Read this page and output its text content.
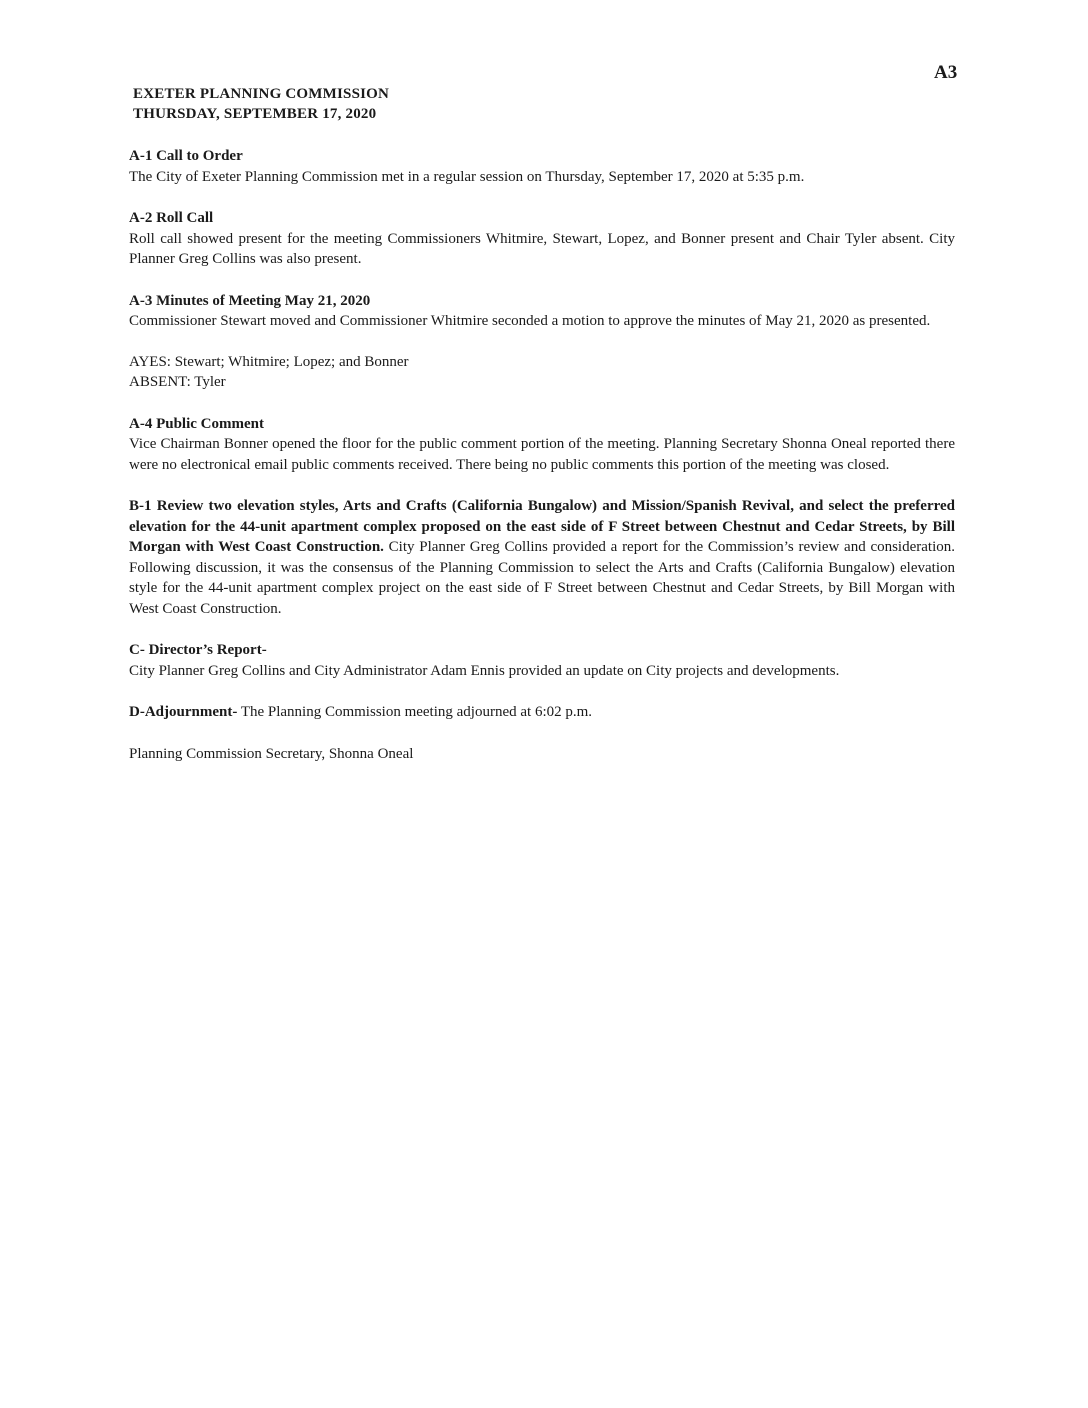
A3
EXETER PLANNING COMMISSION
THURSDAY, SEPTEMBER 17, 2020
A-1 Call to Order
The City of Exeter Planning Commission met in a regular session on Thursday, September 17, 2020 at 5:35 p.m.
A-2 Roll Call
Roll call showed present for the meeting Commissioners Whitmire, Stewart, Lopez, and Bonner present and Chair Tyler absent. City Planner Greg Collins was also present.
A-3 Minutes of Meeting May 21, 2020
Commissioner Stewart moved and Commissioner Whitmire seconded a motion to approve the minutes of May 21, 2020 as presented.
AYES: Stewart; Whitmire; Lopez; and Bonner
ABSENT: Tyler
A-4 Public Comment
Vice Chairman Bonner opened the floor for the public comment portion of the meeting. Planning Secretary Shonna Oneal reported there were no electronical email public comments received. There being no public comments this portion of the meeting was closed.
B-1 Review two elevation styles, Arts and Crafts (California Bungalow) and Mission/Spanish Revival, and select the preferred elevation for the 44-unit apartment complex proposed on the east side of F Street between Chestnut and Cedar Streets, by Bill Morgan with West Coast Construction. City Planner Greg Collins provided a report for the Commission’s review and consideration. Following discussion, it was the consensus of the Planning Commission to select the Arts and Crafts (California Bungalow) elevation style for the 44-unit apartment complex project on the east side of F Street between Chestnut and Cedar Streets, by Bill Morgan with West Coast Construction.
C- Director’s Report-
City Planner Greg Collins and City Administrator Adam Ennis provided an update on City projects and developments.
D-Adjournment- The Planning Commission meeting adjourned at 6:02 p.m.
Planning Commission Secretary, Shonna Oneal
